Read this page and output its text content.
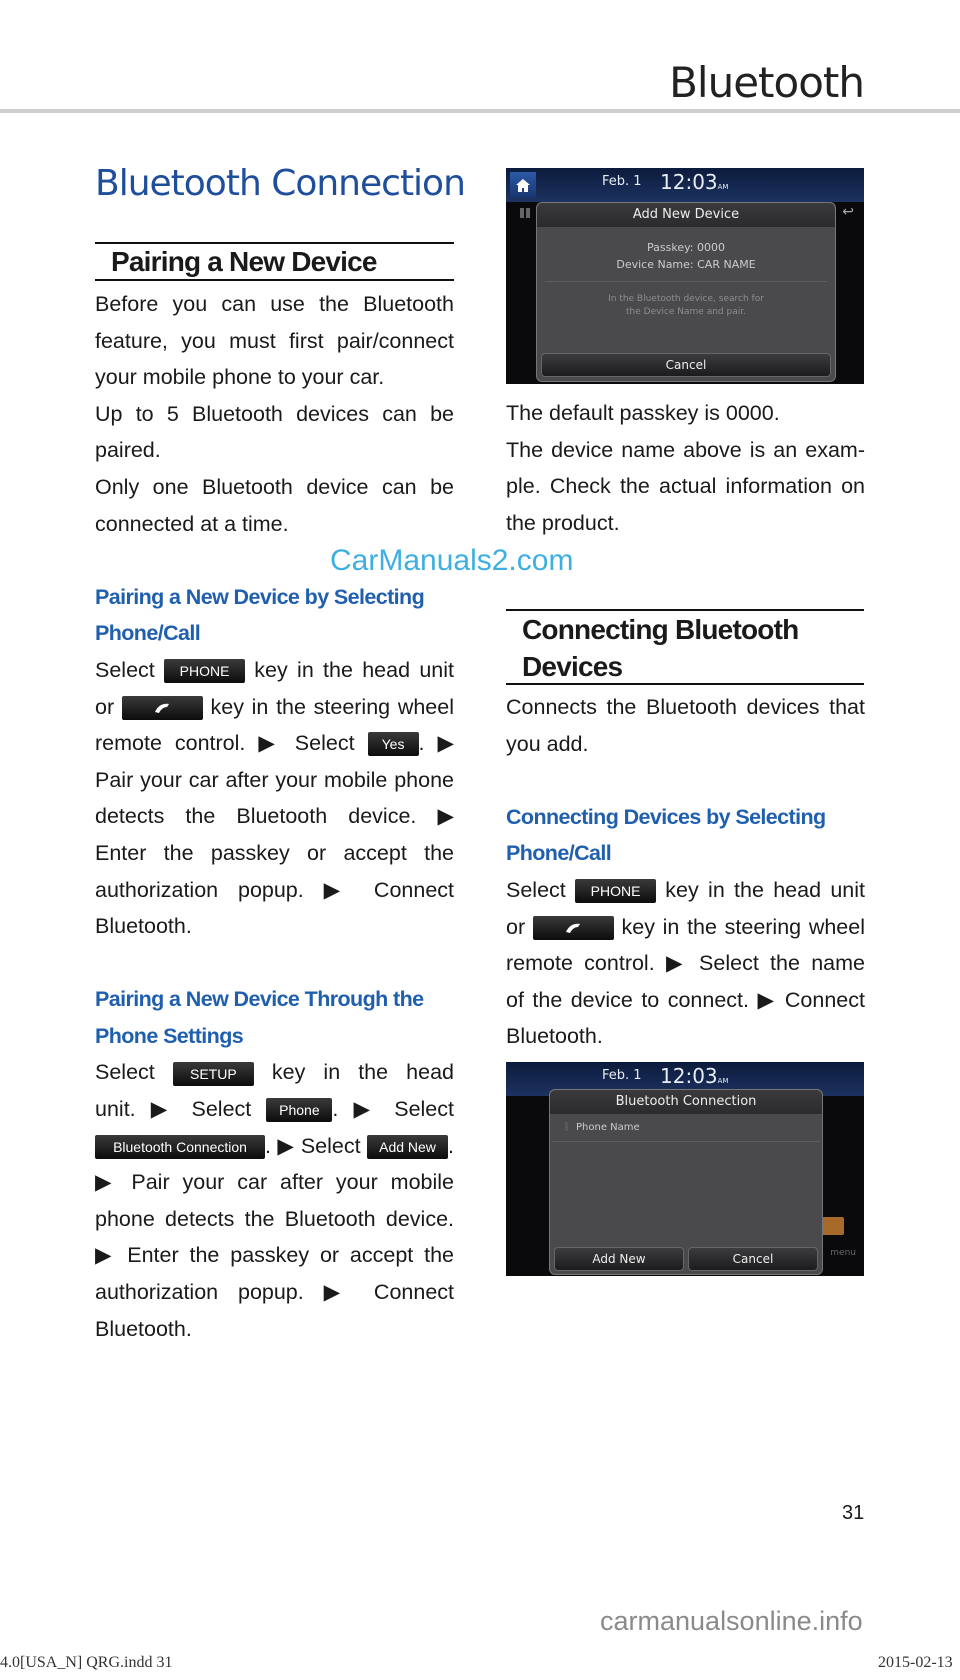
Bluetooth
Bluetooth Connection
Pairing a New Device
Before you can use the Bluetooth
feature, you must first pair/connect
your mobile phone to your car.
Up to 5 Bluetooth devices can be
paired.
Only one Bluetooth device can be
connected at a time.
Pairing a New Device by Selecting
Phone/Call
Select PHONE key in the head unit
or	key in the steering wheel
remote control. ▶ Select Yes . ▶
Pair your car after your mobile phone
detects the Bluetooth device. ▶
Enter the passkey or accept the
authorization popup. ▶ Connect
Bluetooth.
Pairing a New Device Through the
Phone Settings
Select SETUP key in the head
unit. ▶ Select Phone . ▶ Select
Bluetooth Connection . ▶ Select Add New .
▶ Pair your car after your mobile
phone detects the Bluetooth device.
▶ Enter the passkey or accept the
authorization popup. ▶ Connect
Bluetooth.
Feb. 1 12:03AM
↩
Add New Device
Passkey: 0000
Device Name: CAR NAME
In the Bluetooth device, search for
the Device Name and pair.
Cancel
The default passkey is 0000.
The device name above is an exam-
ple. Check the actual information on
the product.
Connecting Bluetooth
Devices
Connects the Bluetooth devices that
you add.
Connecting Devices by Selecting
Phone/Call
Select PHONE key in the head unit
or	key in the steering wheel
remote control. ▶ Select the name
of the device to connect. ▶ Connect
Bluetooth.
Feb. 1 12:03AM
menu
Bluetooth Connection
ᛒ Phone Name
Add New	Cancel
31
4.0[USA_N] QRG.indd 31	2015-02-13
CarManuals2.com
carmanualsonline.info
